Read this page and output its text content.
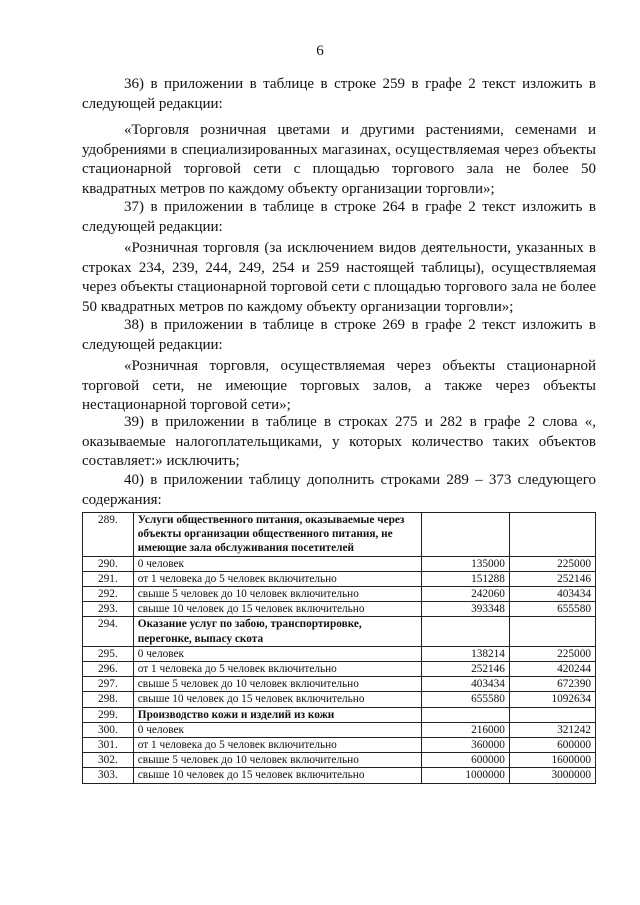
6

36) в приложении в таблице в строке 259 в графе 2 текст изложить в следующей редакции:

«Торговля розничная цветами и другими растениями, семенами и удобрениями в специализированных магазинах, осуществляемая через объекты стационарной торговой сети с площадью торгового зала не более 50 квадратных метров по каждому объекту организации торговли»;

37) в приложении в таблице в строке 264 в графе 2 текст изложить в следующей редакции:

«Розничная торговля (за исключением видов деятельности, указанных в строках 234, 239, 244, 249, 254 и 259 настоящей таблицы), осуществляемая через объекты стационарной торговой сети с площадью торгового зала не более 50 квадратных метров по каждому объекту организации торговли»;

38) в приложении в таблице в строке 269 в графе 2 текст изложить в следующей редакции:

«Розничная торговля, осуществляемая через объекты стационарной торговой сети, не имеющие торговых залов, а также через объекты нестационарной торговой сети»;

39) в приложении в таблице в строках 275 и 282 в графе 2 слова «, оказываемые налогоплательщиками, у которых количество таких объектов составляет:» исключить;

40) в приложении таблицу дополнить строками 289 – 373 следующего содержания:

289.	Услуги общественного питания, оказываемые через объекты организации общественного питания, не имеющие зала обслуживания посетителей		
290.	0 человек	135000	225000
291.	от 1 человека до 5 человек включительно	151288	252146
292.	свыше 5 человек до 10 человек включительно	242060	403434
293.	свыше 10 человек до 15 человек включительно	393348	655580
294.	Оказание услуг по забою, транспортировке, перегонке, выпасу скота		
295.	0 человек	138214	225000
296.	от 1 человека до 5 человек включительно	252146	420244
297.	свыше 5 человек до 10 человек включительно	403434	672390
298.	свыше 10 человек до 15 человек включительно	655580	1092634
299.	Производство кожи и изделий из кожи		
300.	0 человек	216000	321242
301.	от 1 человека до 5 человек включительно	360000	600000
302.	свыше 5 человек до 10 человек включительно	600000	1600000
303.	свыше 10 человек до 15 человек включительно	1000000	3000000
